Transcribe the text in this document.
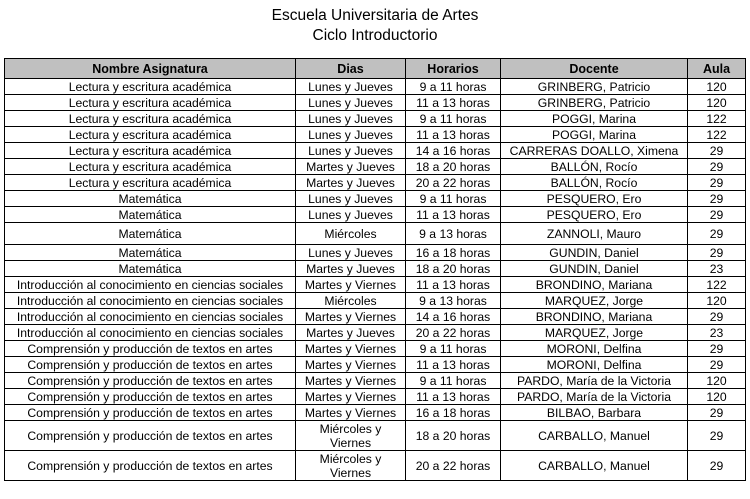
Escuela Universitaria de Artes
Ciclo Introductorio
Nombre Asignatura	Dias	Horarios	Docente	Aula
Lectura y escritura académica	Lunes y Jueves	9 a 11 horas	GRINBERG, Patricio	120
Lectura y escritura académica	Lunes y Jueves	11 a 13 horas	GRINBERG, Patricio	120
Lectura y escritura académica	Lunes y Jueves	9 a 11 horas	POGGI, Marina	122
Lectura y escritura académica	Lunes y Jueves	11 a 13 horas	POGGI, Marina	122
Lectura y escritura académica	Lunes y Jueves	14 a 16 horas	CARRERAS DOALLO, Ximena	29
Lectura y escritura académica	Martes y Jueves	18 a 20 horas	BALLÓN, Rocío	29
Lectura y escritura académica	Martes y Jueves	20 a 22 horas	BALLÓN, Rocío	29
Matemática	Lunes y Jueves	9 a 11 horas	PESQUERO, Ero	29
Matemática	Lunes y Jueves	11 a 13 horas	PESQUERO, Ero	29
Matemática	Miércoles	9 a 13 horas	ZANNOLI, Mauro	29
Matemática	Lunes y Jueves	16 a 18 horas	GUNDIN, Daniel	29
Matemática	Martes y Jueves	18 a 20 horas	GUNDIN, Daniel	23
Introducción al conocimiento en ciencias sociales	Martes y Viernes	11 a 13 horas	BRONDINO, Mariana	122
Introducción al conocimiento en ciencias sociales	Miércoles	9 a 13 horas	MARQUEZ, Jorge	120
Introducción al conocimiento en ciencias sociales	Martes y Viernes	14 a 16 horas	BRONDINO, Mariana	29
Introducción al conocimiento en ciencias sociales	Martes y Jueves	20 a 22 horas	MARQUEZ, Jorge	23
Comprensión y producción de textos en artes	Martes y Viernes	9 a 11 horas	MORONI, Delfina	29
Comprensión y producción de textos en artes	Martes y Viernes	11 a 13 horas	MORONI, Delfina	29
Comprensión y producción de textos en artes	Martes y Viernes	9 a 11 horas	PARDO, María de la Victoria	120
Comprensión y producción de textos en artes	Martes y Viernes	11 a 13 horas	PARDO, María de la Victoria	120
Comprensión y producción de textos en artes	Martes y Viernes	16 a 18 horas	BILBAO, Barbara	29
Comprensión y producción de textos en artes	Miércoles y Viernes	18 a 20 horas	CARBALLO, Manuel	29
Comprensión y producción de textos en artes	Miércoles y Viernes	20 a 22 horas	CARBALLO, Manuel	29
